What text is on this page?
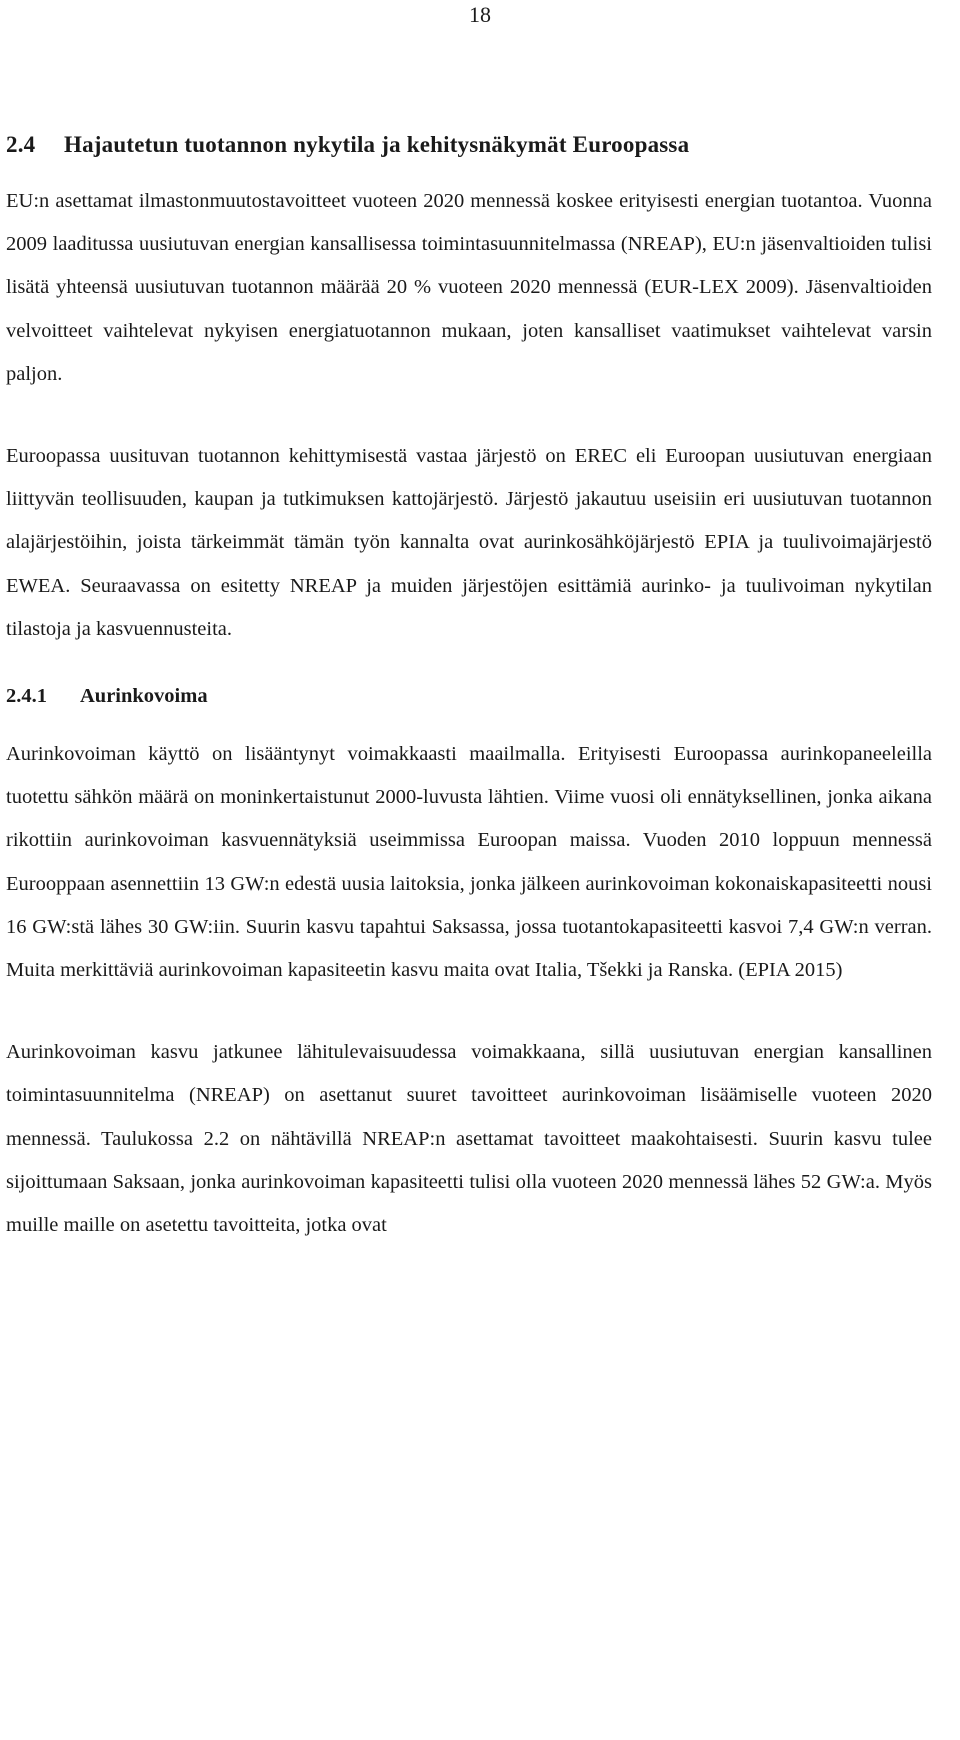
18
2.4 Hajautetun tuotannon nykytila ja kehitysnäkymät Euroopassa

EU:n asettamat ilmastonmuutostavoitteet vuoteen 2020 mennessä koskee erityisesti energian tuotantoa. Vuonna 2009 laaditussa uusiutuvan energian kansallisessa toimintasuunnitelmassa (NREAP), EU:n jäsenvaltioiden tulisi lisätä yhteensä uusiutuvan tuotannon määrää 20 % vuoteen 2020 mennessä (EUR-LEX 2009). Jäsenvaltioiden velvoitteet vaihtelevat nykyisen energiatuotannon mukaan, joten kansalliset vaatimukset vaihtelevat varsin paljon.

Euroopassa uusituvan tuotannon kehittymisestä vastaa järjestö on EREC eli Euroopan uusiutuvan energiaan liittyvän teollisuuden, kaupan ja tutkimuksen kattojärjestö. Järjestö jakautuu useisiin eri uusiutuvan tuotannon alajärjestöihin, joista tärkeimmät tämän työn kannalta ovat aurinkosähköjärjestö EPIA ja tuulivoimajärjestö EWEA. Seuraavassa on esitetty NREAP ja muiden järjestöjen esittämiä aurinko- ja tuulivoiman nykytilan tilastoja ja kasvuennusteita.

2.4.1 Aurinkovoima

Aurinkovoiman käyttö on lisääntynyt voimakkaasti maailmalla. Erityisesti Euroopassa aurinkopaneeleilla tuotettu sähkön määrä on moninkertaistunut 2000-luvusta lähtien. Viime vuosi oli ennätyksellinen, jonka aikana rikottiin aurinkovoiman kasvuennätyksiä useimmissa Euroopan maissa. Vuoden 2010 loppuun mennessä Eurooppaan asennettiin 13 GW:n edestä uusia laitoksia, jonka jälkeen aurinkovoiman kokonaiskapasiteetti nousi 16 GW:stä lähes 30 GW:iin. Suurin kasvu tapahtui Saksassa, jossa tuotantokapasiteetti kasvoi 7,4 GW:n verran. Muita merkittäviä aurinkovoiman kapasiteetin kasvu maita ovat Italia, Tšekki ja Ranska. (EPIA 2015)

Aurinkovoiman kasvu jatkunee lähitulevaisuudessa voimakkaana, sillä uusiutuvan energian kansallinen toimintasuunnitelma (NREAP) on asettanut suuret tavoitteet aurinkovoiman lisäämiselle vuoteen 2020 mennessä. Taulukossa 2.2 on nähtävillä NREAP:n asettamat tavoitteet maakohtaisesti. Suurin kasvu tulee sijoittumaan Saksaan, jonka aurinkovoiman kapasiteetti tulisi olla vuoteen 2020 mennessä lähes 52 GW:a. Myös muille maille on asetettu tavoitteita, jotka ovat
